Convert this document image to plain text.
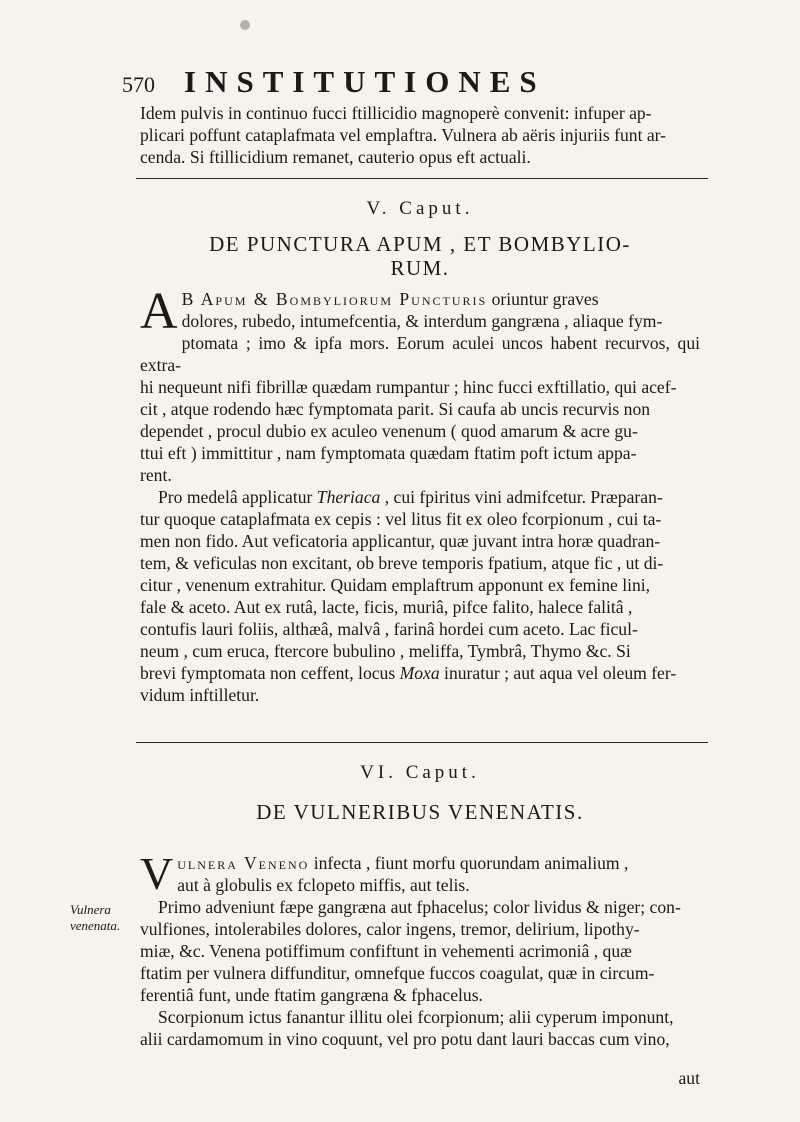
570 INSTITUTIONES

Idem pulvis in continuo fucci ftillicidio magnoperè convenit: infuper ap-

plicari poffunt cataplafmata vel emplaftra. Vulnera ab aëris injuriis funt ar-

cenda. Si ftillicidium remanet, cauterio opus eft actuali.

V. Caput.
DE PUNCTURA APUM , ET BOMBYLIO-
RUM.

A B Apum & Bombyliorum Puncturis oriuntur graves

dolores, rubedo, intumefcentia, & interdum gangræna , aliaque fym-

ptomata ; imo & ipfa mors. Eorum aculei uncos habent recurvos, qui extra-

hi nequeunt nifi fibrillæ quædam rumpantur ; hinc fucci exftillatio, qui acef-

cit , atque rodendo hæc fymptomata parit. Si caufa ab uncis recurvis non

dependet , procul dubio ex aculeo venenum ( quod amarum & acre gu-

ttui eft ) immittitur , nam fymptomata quædam ftatim poft ictum appa-

rent.

Pro medelâ applicatur Theriaca , cui fpiritus vini admifcetur. Præparan-

tur quoque cataplafmata ex cepis : vel litus fit ex oleo fcorpionum , cui ta-

men non fido. Aut veficatoria applicantur, quæ juvant intra horæ quadran-

tem, & veficulas non excitant, ob breve temporis fpatium, atque fic , ut di-

citur , venenum extrahitur. Quidam emplaftrum apponunt ex femine lini,

fale & aceto. Aut ex rutâ, lacte, ficis, muriâ, pifce falito, halece falitâ ,

contufis lauri foliis, althæâ, malvâ , farinâ hordei cum aceto. Lac ficul-

neum , cum eruca, ftercore bubulino , meliffa, Tymbrâ, Thymo &c. Si

brevi fymptomata non ceffent, locus Moxa inuratur ; aut aqua vel oleum fer-

vidum inftilletur.

VI. Caput.
DE VULNERIBUS VENENATIS.
Vulnera
venenata.

V ulnera Veneno infecta , fiunt morfu quorundam animalium ,

aut à globulis ex fclopeto miffis, aut telis.

Primo adveniunt fæpe gangræna aut fphacelus; color lividus & niger; con-

vulfiones, intolerabiles dolores, calor ingens, tremor, delirium, lipothy-

miæ, &c. Venena potiffimum confiftunt in vehementi acrimoniâ , quæ

ftatim per vulnera diffunditur, omnefque fuccos coagulat, quæ in circum-

ferentiâ funt, unde ftatim gangræna & fphacelus.

Scorpionum ictus fanantur illitu olei fcorpionum; alii cyperum imponunt,

alii cardamomum in vino coquunt, vel pro potu dant lauri baccas cum vino,

aut
